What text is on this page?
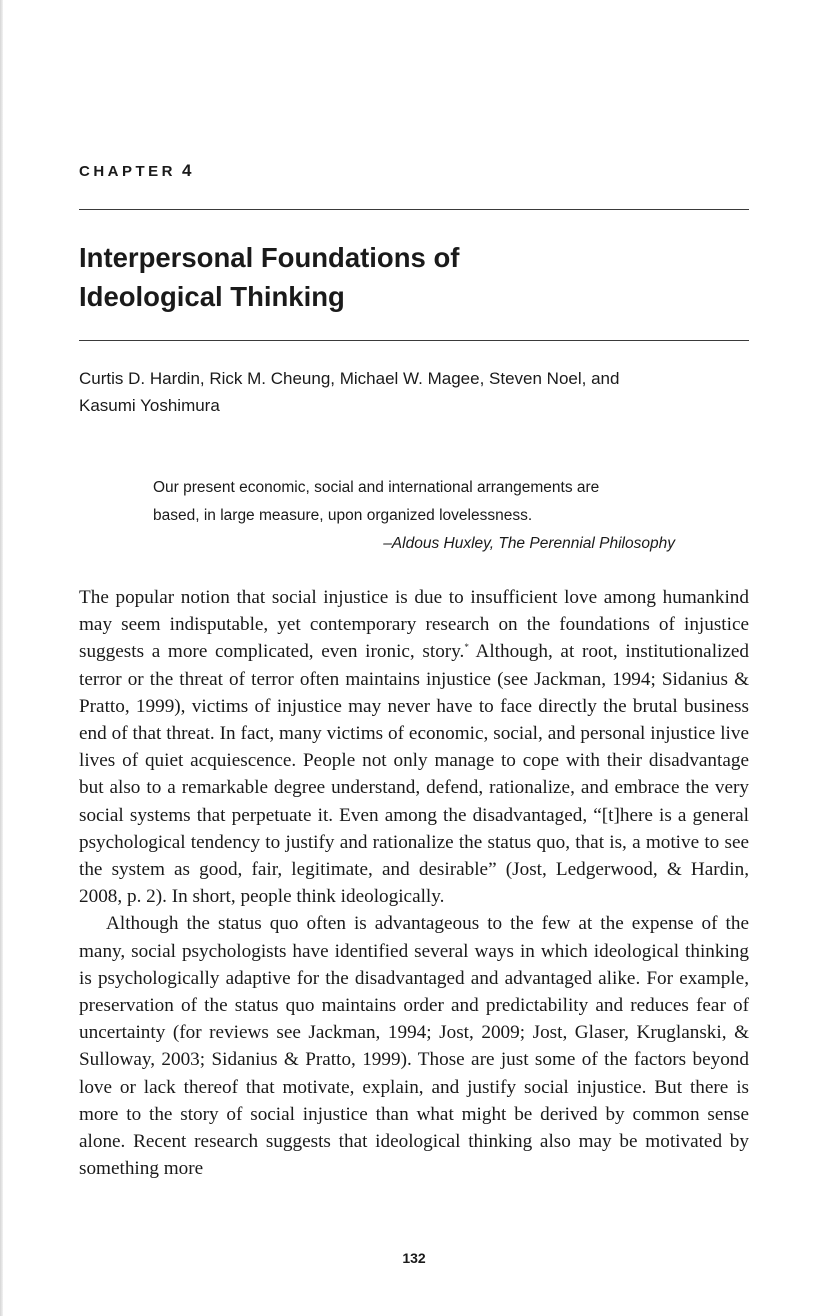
CHAPTER 4
Interpersonal Foundations of
Ideological Thinking

Curtis D. Hardin, Rick M. Cheung, Michael W. Magee, Steven Noel, and
Kasumi Yoshimura

Our present economic, social and international arrangements are
based, in large measure, upon organized lovelessness.
–Aldous Huxley, The Perennial Philosophy

The popular notion that social injustice is due to insufficient love among humankind may seem indisputable, yet contemporary research on the foundations of injustice suggests a more complicated, even ironic, story.* Although, at root, institutionalized terror or the threat of terror often maintains injustice (see Jackman, 1994; Sidanius & Pratto, 1999), victims of injustice may never have to face directly the brutal business end of that threat. In fact, many victims of economic, social, and personal injustice live lives of quiet acquiescence. People not only manage to cope with their disadvantage but also to a remarkable degree understand, defend, rationalize, and embrace the very social systems that perpetuate it. Even among the disadvantaged, “[t]here is a general psychological tendency to justify and rationalize the status quo, that is, a motive to see the system as good, fair, legitimate, and desirable” (Jost, Ledgerwood, & Hardin, 2008, p. 2). In short, people think ideologically.

Although the status quo often is advantageous to the few at the expense of the many, social psychologists have identified several ways in which ideological thinking is psychologically adaptive for the disadvantaged and advantaged alike. For example, preservation of the status quo maintains order and predictability and reduces fear of uncertainty (for reviews see Jackman, 1994; Jost, 2009; Jost, Glaser, Kruglanski, & Sulloway, 2003; Sidanius & Pratto, 1999). Those are just some of the factors beyond love or lack thereof that motivate, explain, and justify social injustice. But there is more to the story of social injustice than what might be derived by common sense alone. Recent research suggests that ideological thinking also may be motivated by something more

132
